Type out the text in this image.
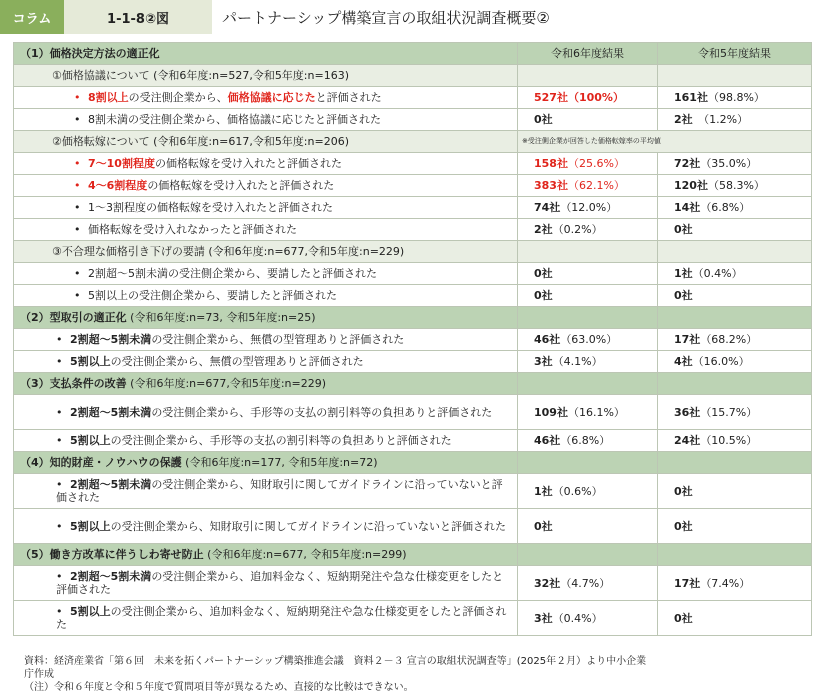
コラム	1-1-8②図	パートナーシップ構築宣言の取組状況調査概要②
（1）価格決定方法の適正化	令和6年度結果	令和5年度結果
①価格協議について (令和6年度:n=527,令和5年度:n=163)		
• 8割以上の受注側企業から、価格協議に応じたと評価された	527社（100%）	161社（98.8%）
• 8割未満の受注側企業から、価格協議に応じたと評価された	0社	2社　（1.2%）
②価格転嫁について (令和6年度:n=617,令和5年度:n=206)	※受注側企業が回答した価格転嫁率の平均値	
• 7～10割程度の価格転嫁を受け入れたと評価された	158社（25.6%）	72社（35.0%）
• 4～6割程度の価格転嫁を受け入れたと評価された	383社（62.1%）	120社（58.3%）
• 1～3割程度の価格転嫁を受け入れたと評価された	74社（12.0%）	14社（6.8%）
• 価格転嫁を受け入れなかったと評価された	2社（0.2%）	0社
③不合理な価格引き下げの要請 (令和6年度:n=677,令和5年度:n=229)		
• 2割超～5割未満の受注側企業から、要請したと評価された	0社	1社（0.4%）
• 5割以上の受注側企業から、要請したと評価された	0社	0社
（2）型取引の適正化 (令和6年度:n=73, 令和5年度:n=25)		
• 2割超～5割未満の受注側企業から、無償の型管理ありと評価された	46社（63.0%）	17社（68.2%）
• 5割以上の受注側企業から、無償の型管理ありと評価された	3社（4.1%）	4社（16.0%）
（3）支払条件の改善 (令和6年度:n=677,令和5年度:n=229)		
• 2割超～5割未満の受注側企業から、手形等の支払の割引料等の負担ありと評価された	109社（16.1%）	36社（15.7%）
• 5割以上の受注側企業から、手形等の支払の割引料等の負担ありと評価された	46社（6.8%）	24社（10.5%）
（4）知的財産・ノウハウの保護 (令和6年度:n=177, 令和5年度:n=72)		
• 2割超～5割未満の受注側企業から、知財取引に関してガイドラインに沿っていないと評価された	1社（0.6%）	0社
• 5割以上の受注側企業から、知財取引に関してガイドラインに沿っていないと評価された	0社	0社
（5）働き方改革に伴うしわ寄せ防止 (令和6年度:n=677, 令和5年度:n=299)		
• 2割超～5割未満の受注側企業から、追加料金なく、短納期発注や急な仕様変更をしたと評価された	32社（4.7%）	17社（7.4%）
• 5割以上の受注側企業から、追加料金なく、短納期発注や急な仕様変更をしたと評価された	3社（0.4%）	0社
資料：経済産業省「第６回　未来を拓くパートナーシップ構築推進会議　資料２－３ 宣言の取組状況調査等」(2025年２月）より中小企業
庁作成
（注）令和６年度と令和５年度で質問項目等が異なるため、直接的な比較はできない。
